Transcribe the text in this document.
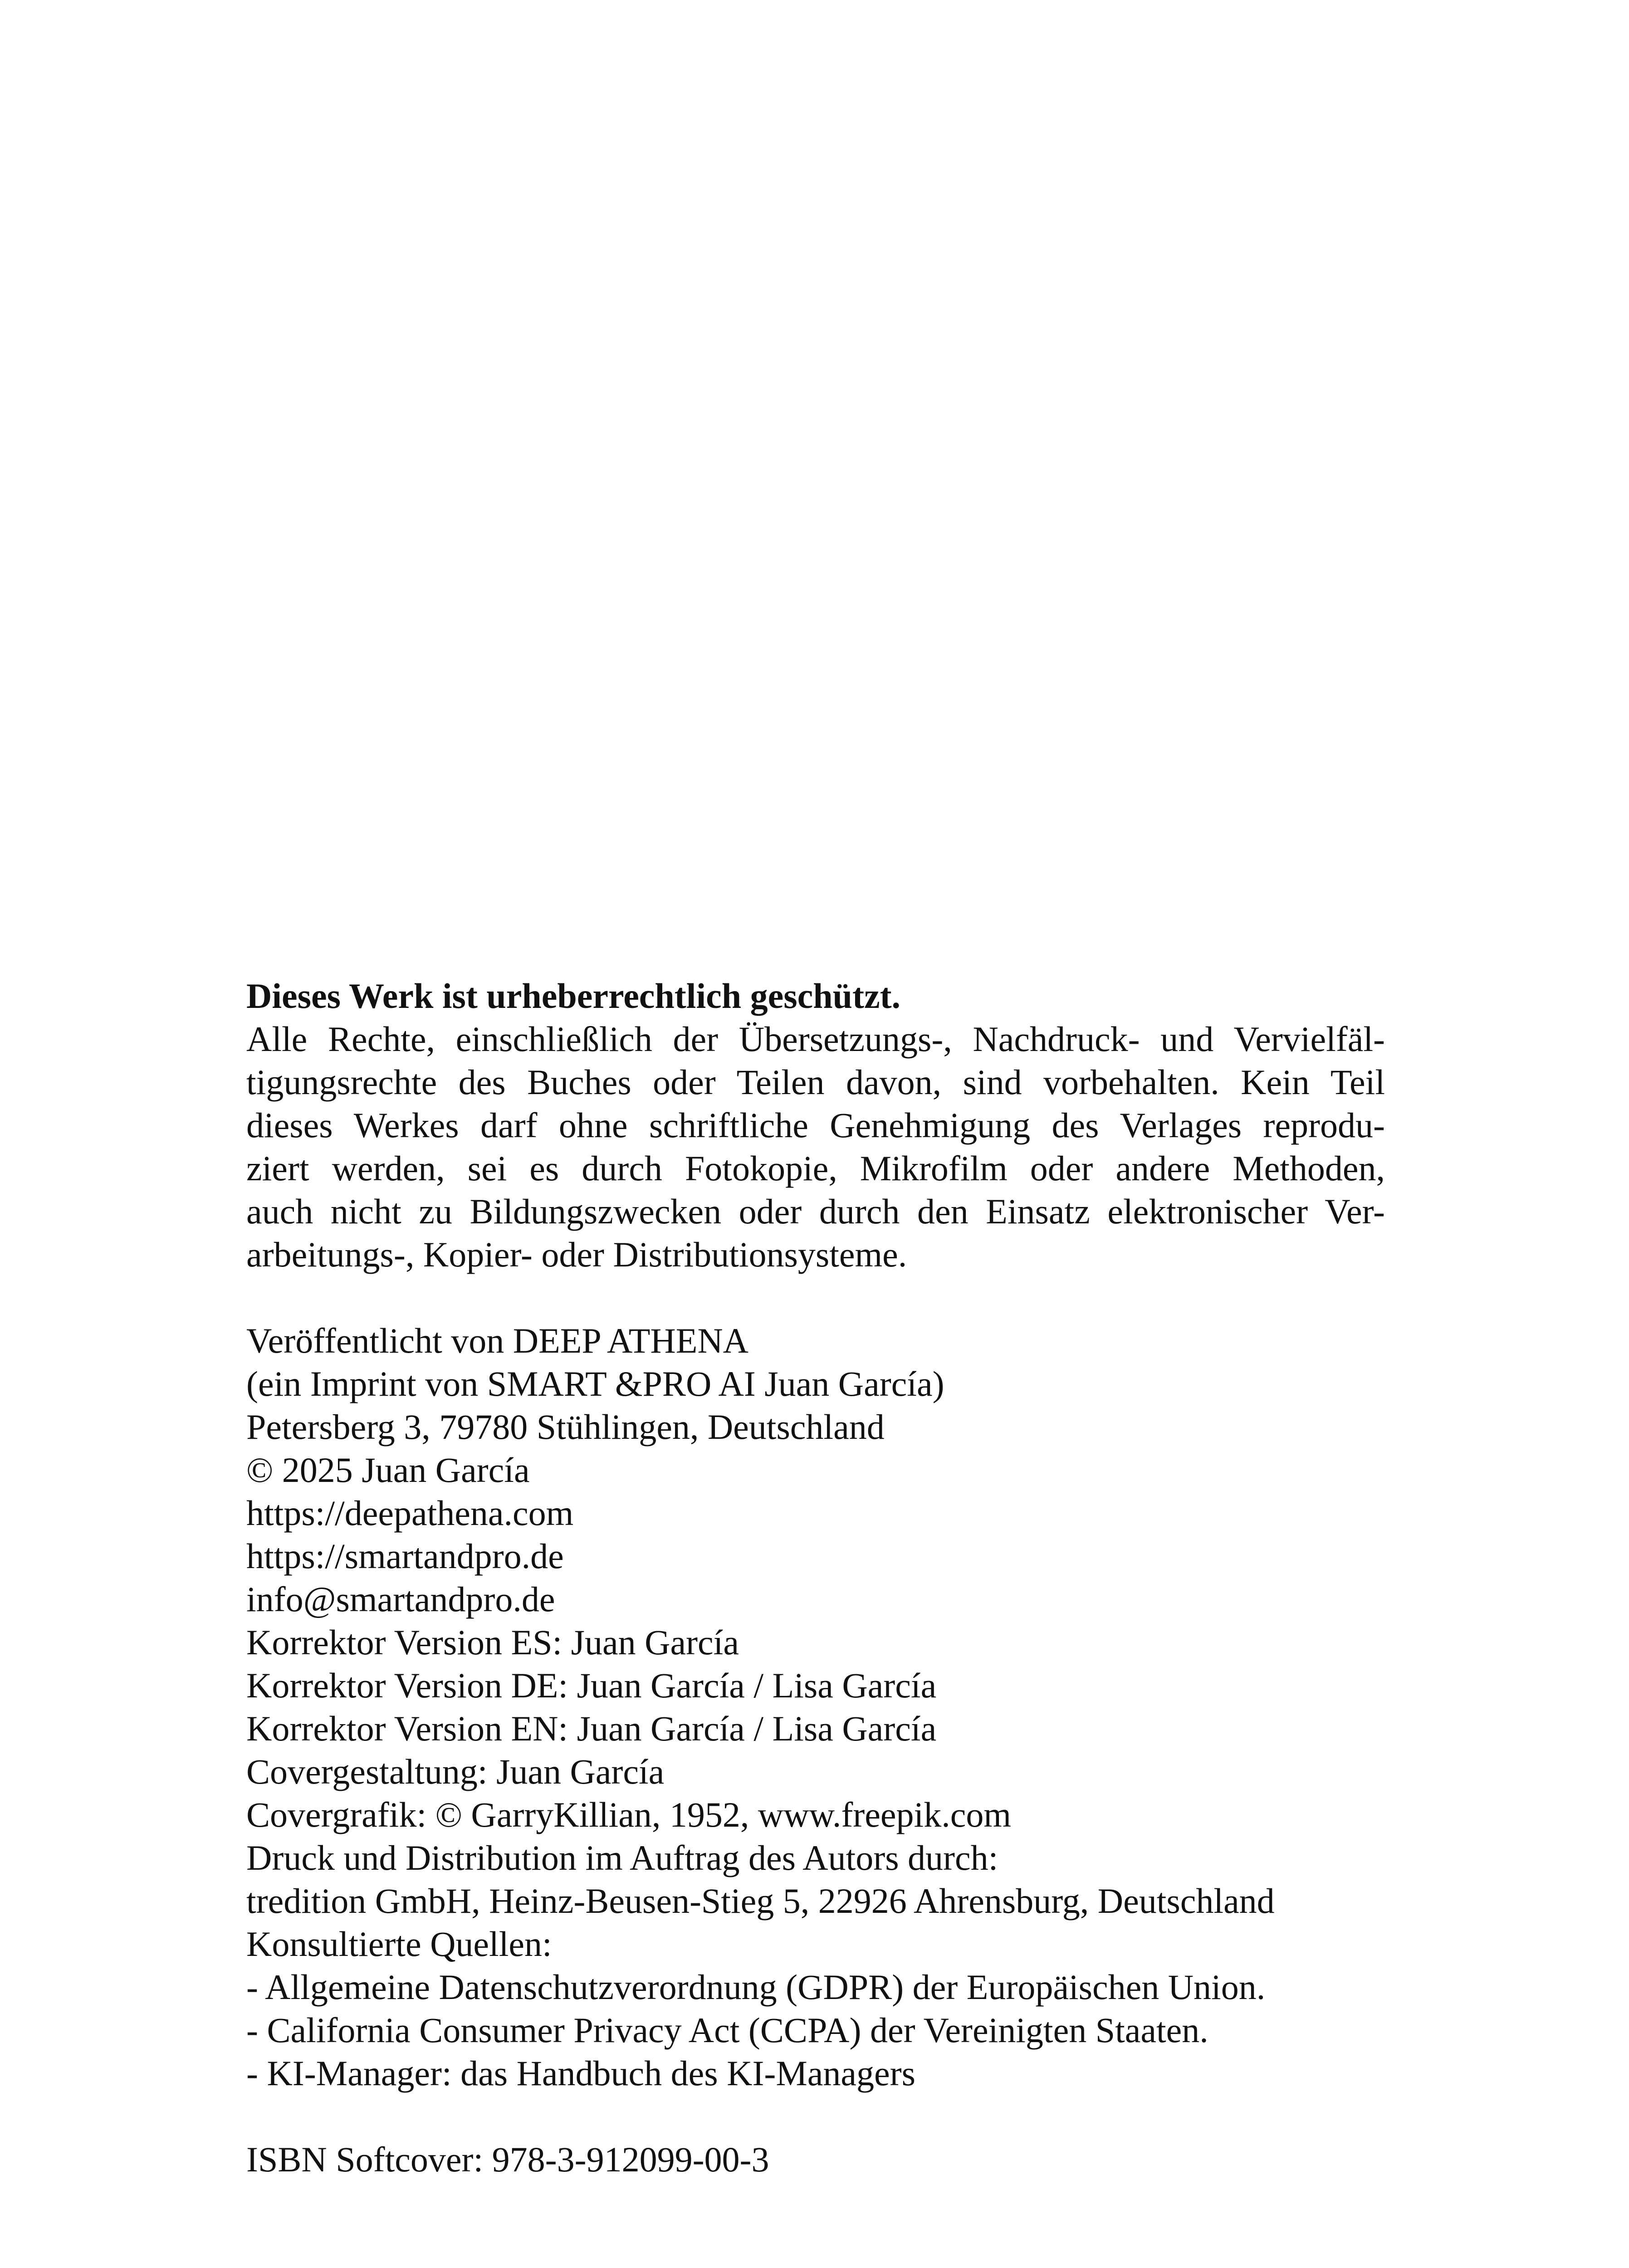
Dieses Werk ist urheberrechtlich geschützt.
Alle Rechte, einschließlich der Übersetzungs-, Nachdruck- und Vervielfäl-
tigungsrechte des Buches oder Teilen davon, sind vorbehalten. Kein Teil
dieses Werkes darf ohne schriftliche Genehmigung des Verlages reprodu-
ziert werden, sei es durch Fotokopie, Mikrofilm oder andere Methoden,
auch nicht zu Bildungszwecken oder durch den Einsatz elektronischer Ver-
arbeitungs-, Kopier- oder Distributionsysteme.
Veröffentlicht von DEEP ATHENA
(ein Imprint von SMART &PRO AI Juan García)
Petersberg 3, 79780 Stühlingen, Deutschland
© 2025 Juan García
https://deepathena.com
https://smartandpro.de
info@smartandpro.de
Korrektor Version ES: Juan García
Korrektor Version DE: Juan García / Lisa García
Korrektor Version EN: Juan García / Lisa García
Covergestaltung: Juan García
Covergrafik: © GarryKillian, 1952, www.freepik.com
Druck und Distribution im Auftrag des Autors durch:
tredition GmbH, Heinz-Beusen-Stieg 5, 22926 Ahrensburg, Deutschland
Konsultierte Quellen:
- Allgemeine Datenschutzverordnung (GDPR) der Europäischen Union.
- California Consumer Privacy Act (CCPA) der Vereinigten Staaten.
- KI-Manager: das Handbuch des KI-Managers
ISBN Softcover: 978-3-912099-00-3
